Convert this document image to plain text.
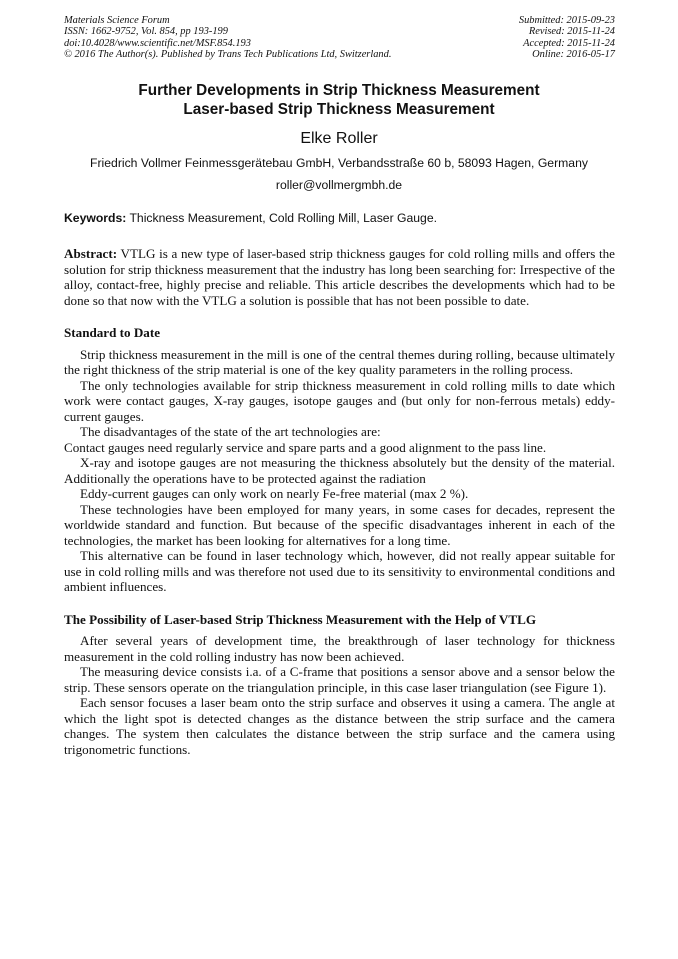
Materials Science Forum
ISSN: 1662-9752, Vol. 854, pp 193-199
doi:10.4028/www.scientific.net/MSF.854.193
© 2016 The Author(s). Published by Trans Tech Publications Ltd, Switzerland.
Submitted: 2015-09-23
Revised: 2015-11-24
Accepted: 2015-11-24
Online: 2016-05-17
Further Developments in Strip Thickness Measurement
Laser-based Strip Thickness Measurement
Elke Roller
Friedrich Vollmer Feinmessgerätebau GmbH, Verbandsstraße 60 b, 58093 Hagen, Germany
roller@vollmergmbh.de
Keywords: Thickness Measurement, Cold Rolling Mill, Laser Gauge.

Abstract: VTLG is a new type of laser-based strip thickness gauges for cold rolling mills and offers the solution for strip thickness measurement that the industry has long been searching for: Irrespective of the alloy, contact-free, highly precise and reliable. This article describes the developments which had to be done so that now with the VTLG a solution is possible that has not been possible to date.

Standard to Date

Strip thickness measurement in the mill is one of the central themes during rolling, because ultimately the right thickness of the strip material is one of the key quality parameters in the rolling process.

The only technologies available for strip thickness measurement in cold rolling mills to date which work were contact gauges, X-ray gauges, isotope gauges and (but only for non-ferrous metals) eddy-current gauges.

The disadvantages of the state of the art technologies are:

Contact gauges need regularly service and spare parts and a good alignment to the pass line.

X-ray and isotope gauges are not measuring the thickness absolutely but the density of the material. Additionally the operations have to be protected against the radiation

Eddy-current gauges can only work on nearly Fe-free material (max 2 %).

These technologies have been employed for many years, in some cases for decades, represent the worldwide standard and function. But because of the specific disadvantages inherent in each of the technologies, the market has been looking for alternatives for a long time.

This alternative can be found in laser technology which, however, did not really appear suitable for use in cold rolling mills and was therefore not used due to its sensitivity to environmental conditions and ambient influences.

The Possibility of Laser-based Strip Thickness Measurement with the Help of VTLG

After several years of development time, the breakthrough of laser technology for thickness measurement in the cold rolling industry has now been achieved.

The measuring device consists i.a. of a C-frame that positions a sensor above and a sensor below the strip. These sensors operate on the triangulation principle, in this case laser triangulation (see Figure 1).

Each sensor focuses a laser beam onto the strip surface and observes it using a camera. The angle at which the light spot is detected changes as the distance between the strip surface and the camera changes. The system then calculates the distance between the strip surface and the camera using trigonometric functions.
